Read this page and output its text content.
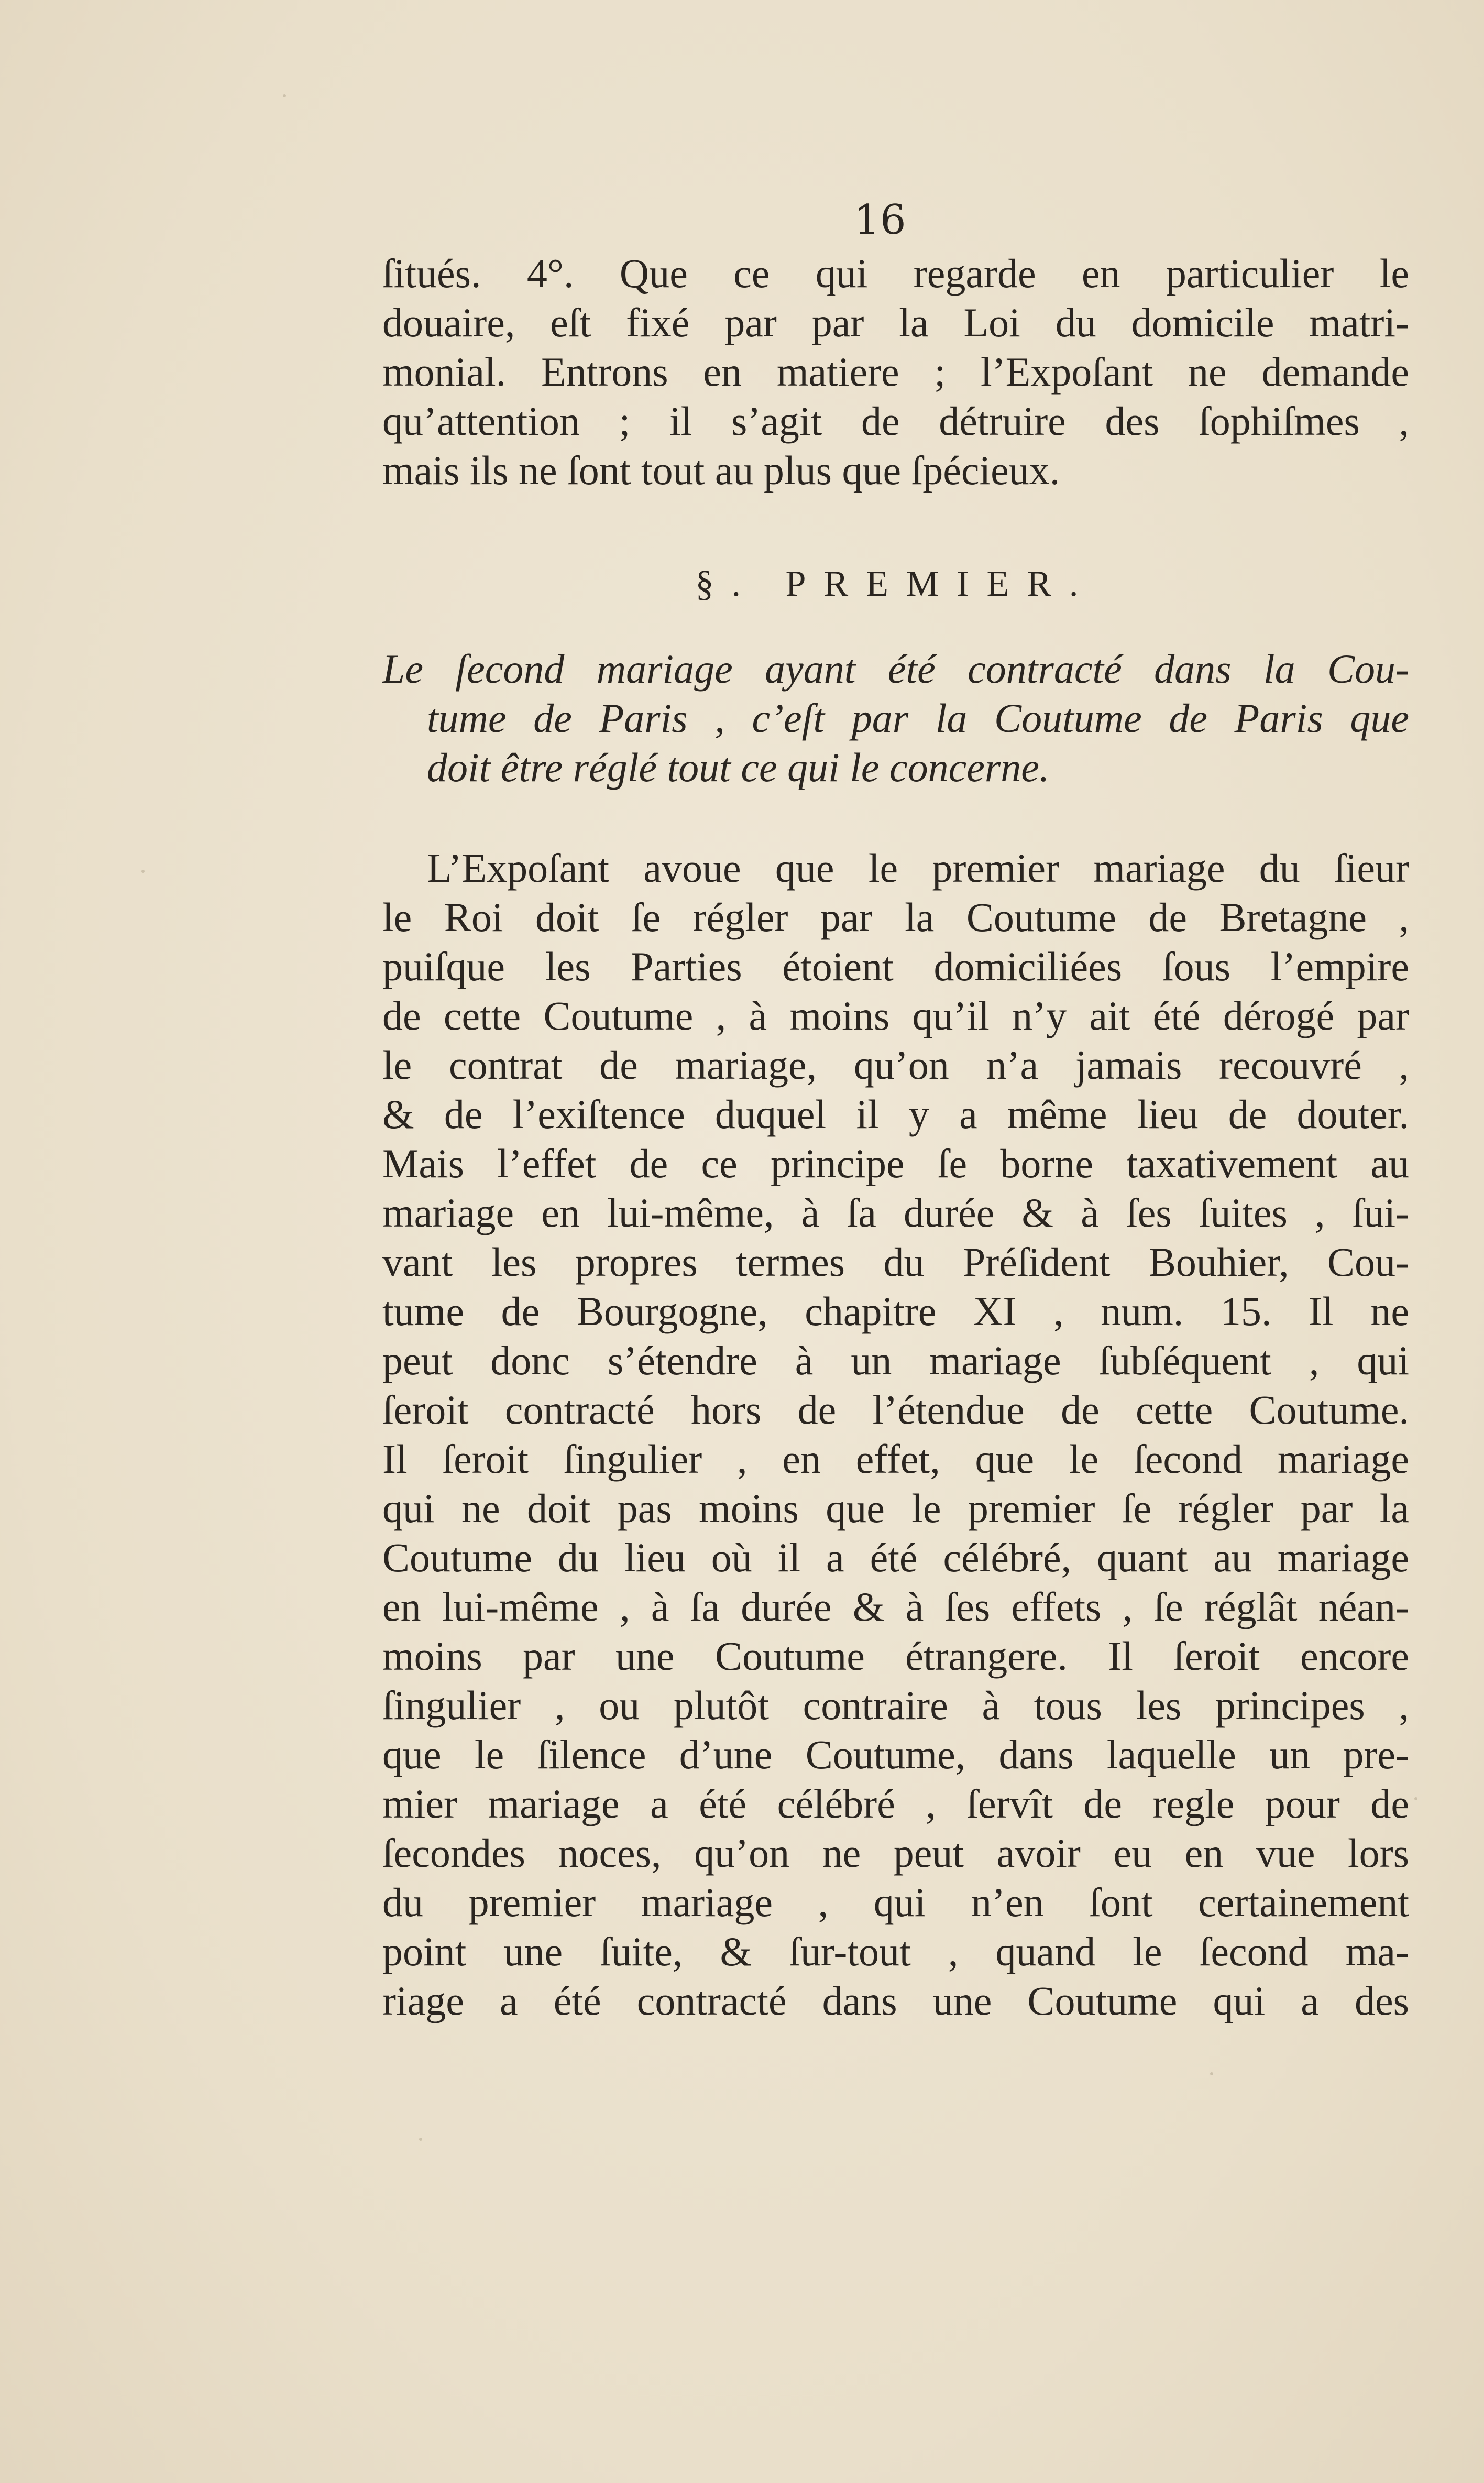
16
ſitués. 4°. Que ce qui regarde en particulier le
douaire, eſt fixé par par la Loi du domicile matri-
monial. Entrons en matiere ; l’Expoſant ne demande
qu’attention ; il s’agit de détruire des ſophiſmes ,
mais ils ne ſont tout au plus que ſpécieux.
§. PREMIER.
Le ſecond mariage ayant été contracté dans la Cou-
tume de Paris , c’eſt par la Coutume de Paris que
doit être réglé tout ce qui le concerne.
L’Expoſant avoue que le premier mariage du ſieur
le Roi doit ſe régler par la Coutume de Bretagne ,
puiſque les Parties étoient domiciliées ſous l’empire
de cette Coutume , à moins qu’il n’y ait été dérogé par
le contrat de mariage, qu’on n’a jamais recouvré ,
& de l’exiſtence duquel il y a même lieu de douter.
Mais l’effet de ce principe ſe borne taxativement au
mariage en lui-même, à ſa durée & à ſes ſuites , ſui-
vant les propres termes du Préſident Bouhier, Cou-
tume de Bourgogne, chapitre XI , num. 15. Il ne
peut donc s’étendre à un mariage ſubſéquent , qui
ſeroit contracté hors de l’étendue de cette Coutume.
Il ſeroit ſingulier , en effet, que le ſecond mariage
qui ne doit pas moins que le premier ſe régler par la
Coutume du lieu où il a été célébré, quant au mariage
en lui-même , à ſa durée & à ſes effets , ſe réglât néan-
moins par une Coutume étrangere. Il ſeroit encore
ſingulier , ou plutôt contraire à tous les principes ,
que le ſilence d’une Coutume, dans laquelle un pre-
mier mariage a été célébré , ſervît de regle pour de
ſecondes noces, qu’on ne peut avoir eu en vue lors
du premier mariage , qui n’en ſont certainement
point une ſuite, & ſur-tout , quand le ſecond ma-
riage a été contracté dans une Coutume qui a des
